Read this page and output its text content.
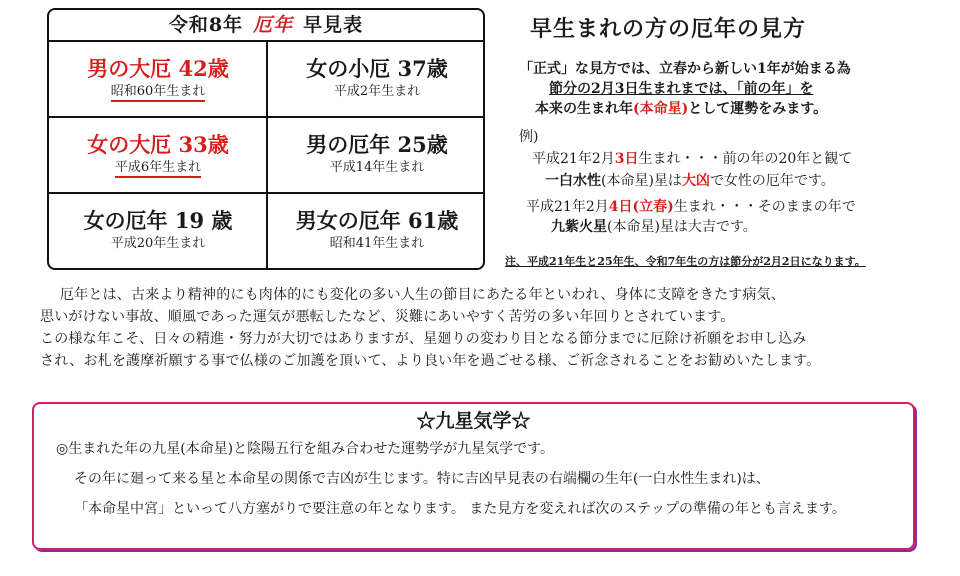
令和8年 厄年 早見表
男の大厄 42歳
昭和60年生まれ
女の小厄 37歳
平成2年生まれ
女の大厄 33歳
平成6年生まれ
男の厄年 25歳
平成14年生まれ
女の厄年 19 歳
平成20年生まれ
男女の厄年 61歳
昭和41年生まれ
早生まれの方の厄年の見方
「正式」な見方では、立春から新しい1年が始まる為
節分の2月3日生まれまでは、「前の年」を
本来の生まれ年(本命星)として運勢をみます。
例)
平成21年2月3日生まれ・・・前の年の20年と観て
一白水性(本命星)星は大凶で女性の厄年です。
平成21年2月4日(立春)生まれ・・・そのままの年で
九紫火星(本命星)星は大吉です。
注、平成21年生と25年生、令和7年生の方は節分が2月2日になります。
厄年とは、古来より精神的にも肉体的にも変化の多い人生の節目にあたる年といわれ、身体に支障をきたす病気、
思いがけない事故、順風であった運気が悪転したなど、災難にあいやすく苦労の多い年回りとされています。
この様な年こそ、日々の精進・努力が大切ではありますが、星廻りの変わり目となる節分までに厄除け祈願をお申し込み
され、お札を護摩祈願する事で仏様のご加護を頂いて、より良い年を過ごせる様、ご祈念されることをお勧めいたします。
☆九星気学☆
◎生まれた年の九星(本命星)と陰陽五行を組み合わせた運勢学が九星気学です。
その年に廻って来る星と本命星の関係で吉凶が生じます。特に吉凶早見表の右端欄の生年(一白水性生まれ)は、
「本命星中宮」といって八方塞がりで要注意の年となります。 また見方を変えれば次のステップの準備の年とも言えます。
